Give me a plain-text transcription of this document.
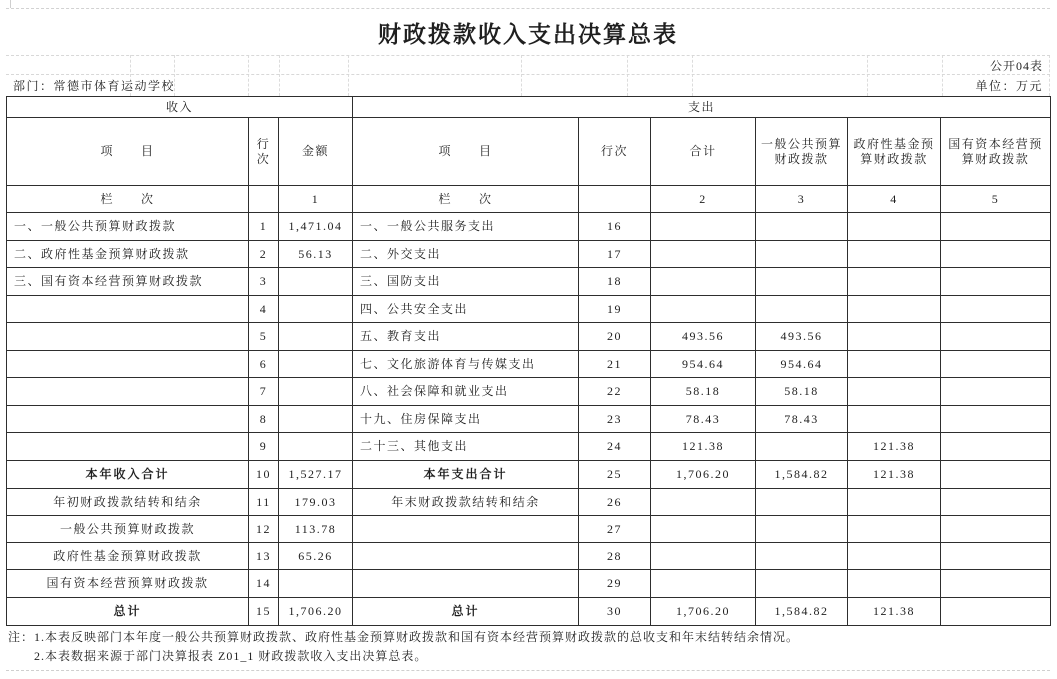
财政拨款收入支出决算总表
公开04表
部门：常德市体育运动学校	单位：万元
收入			支出					
项　　目	行次	金额	项　　目	行次	合计	一般公共预算财政拨款	政府性基金预算财政拨款	国有资本经营预算财政拨款
栏　　次		1	栏　　次		2	3	4	5
一、一般公共预算财政拨款	1	1,471.04	一、一般公共服务支出	16				
二、政府性基金预算财政拨款	2	56.13	二、外交支出	17				
三、国有资本经营预算财政拨款	3		三、国防支出	18				
	4		四、公共安全支出	19				
	5		五、教育支出	20	493.56	493.56		
	6		七、文化旅游体育与传媒支出	21	954.64	954.64		
	7		八、社会保障和就业支出	22	58.18	58.18		
	8		十九、住房保障支出	23	78.43	78.43		
	9		二十三、其他支出	24	121.38		121.38	
本年收入合计	10	1,527.17	本年支出合计	25	1,706.20	1,584.82	121.38	
年初财政拨款结转和结余	11	179.03	年末财政拨款结转和结余	26				
一般公共预算财政拨款	12	113.78		27				
政府性基金预算财政拨款	13	65.26		28				
国有资本经营预算财政拨款	14			29				
总计	15	1,706.20	总计	30	1,706.20	1,584.82	121.38	
注：1.本表反映部门本年度一般公共预算财政拨款、政府性基金预算财政拨款和国有资本经营预算财政拨款的总收支和年末结转结余情况。
2.本表数据来源于部门决算报表 Z01_1 财政拨款收入支出决算总表。
